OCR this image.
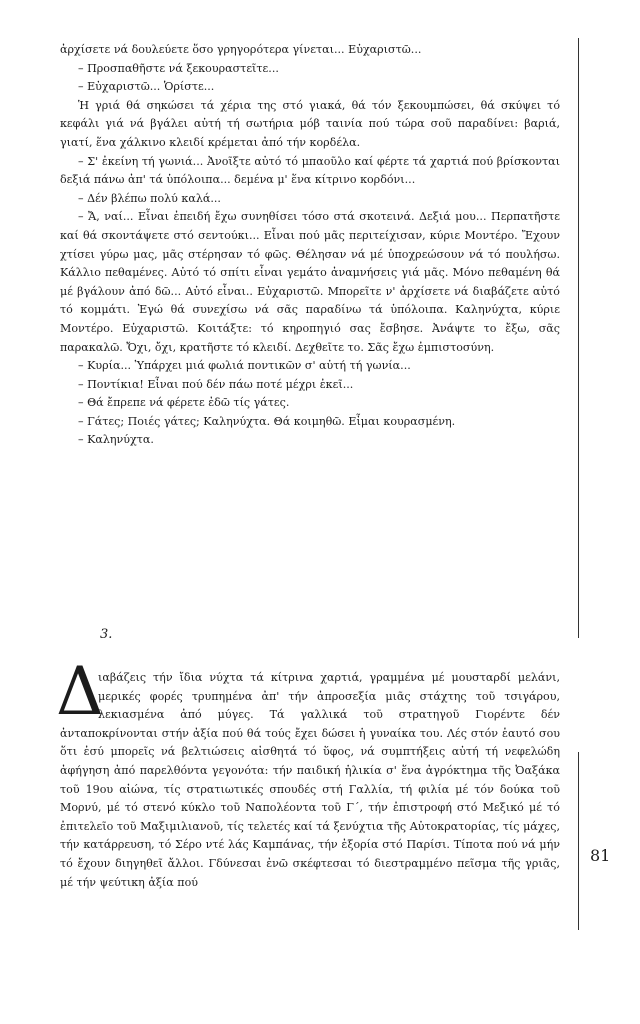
ἀρχίσετε νά δουλεύετε ὅσο γρηγορότερα γίνεται... Εὐχαριστῶ...

– Προσπαθῆστε νά ξεκουραστεῖτε...

– Εὐχαριστῶ... Ὁρίστε...

Ἡ γριά θά σηκώσει τά χέρια της στό γιακά, θά τόν ξεκουμπώσει, θά σκύψει τό κεφάλι γιά νά βγάλει αὐτή τή σωτήρια μόβ ταινία πού τώρα σοῦ παραδίνει: βαριά, γιατί, ἕνα χάλκινο κλειδί κρέμεται ἀπό τήν κορδέλα.

– Σ' ἐκείνη τή γωνιά... Ἀνοῖξτε αὐτό τό μπαοῦλο καί φέρτε τά χαρτιά πού βρίσκονται δεξιά πάνω ἀπ' τά ὑπόλοιπα... δεμένα μ' ἕνα κίτρινο κορδόνι...

– Δέν βλέπω πολύ καλά...

– Ἄ, ναί... Εἶναι ἐπειδή ἔχω συνηθίσει τόσο στά σκοτεινά. Δεξιά μου... Περπατῆστε καί θά σκοντάψετε στό σεντούκι... Εἶναι πού μᾶς περιτείχισαν, κύριε Μοντέρο. Ἔχουν χτίσει γύρω μας, μᾶς στέρησαν τό φῶς. Θέλησαν νά μέ ὑποχρεώσουν νά τό πουλήσω. Κάλλιο πεθαμένες. Αὐτό τό σπίτι εἶναι γεμάτο ἀναμνήσεις γιά μᾶς. Μόνο πεθαμένη θά μέ βγάλουν ἀπό δῶ... Αὐτό εἶναι.. Εὐχαριστῶ. Μπορεῖτε ν' ἀρχίσετε νά διαβάζετε αὐτό τό κομμάτι. Ἐγώ θά συνεχίσω νά σᾶς παραδίνω τά ὑπόλοιπα. Καληνύχτα, κύριε Μοντέρο. Εὐχαριστῶ. Κοιτάξτε: τό κηροπηγιό σας ἔσβησε. Ἀνάψτε το ἔξω, σᾶς παρακαλῶ. Ὄχι, ὄχι, κρατῆστε τό κλειδί. Δεχθεῖτε το. Σᾶς ἔχω ἐμπιστοσύνη.

– Κυρία... Ὑπάρχει μιά φωλιά ποντικῶν σ' αὐτή τή γωνία...

– Ποντίκια! Εἶναι πού δέν πάω ποτέ μέχρι ἐκεῖ...

– Θά ἔπρεπε νά φέρετε ἐδῶ τίς γάτες.

– Γάτες; Ποιές γάτες; Καληνύχτα. Θά κοιμηθῶ. Εἶμαι κουρασμένη.

– Καληνύχτα.

3.
Δ
ιαβάζεις τήν ἴδια νύχτα τά κίτρινα χαρτιά, γραμμένα μέ μουσταρδί μελάνι, μερικές φορές τρυπημένα ἀπ' τήν ἀπροσεξία μιᾶς στάχτης τοῦ τσιγάρου, λεκιασμένα ἀπό μύγες. Τά γαλλικά τοῦ στρατηγοῦ Γιορέντε δέν ἀνταποκρίνονται στήν ἀξία πού θά τούς ἔχει δώσει ἡ γυναίκα του. Λές στόν ἑαυτό σου ὅτι ἐσύ μπορεῖς νά βελτιώσεις αἰσθητά τό ὕφος, νά συμπτήξεις αὐτή τή νεφελώδη ἀφήγηση ἀπό παρελθόντα γεγονότα: τήν παιδική ἡλικία σ' ἕνα ἀγρόκτημα τῆς Ὀαξάκα τοῦ 19ου αἰώνα, τίς στρατιωτικές σπουδές στή Γαλλία, τή φιλία μέ τόν δούκα τοῦ Μορνύ, μέ τό στενό κύκλο τοῦ Ναπολέοντα τοῦ Γ΄, τήν ἐπιστροφή στό Μεξικό μέ τό ἐπιτελεῖο τοῦ Μαξιμιλιανοῦ, τίς τελετές καί τά ξενύχτια τῆς Αὐτοκρατορίας, τίς μάχες, τήν κατάρρευση, τό Σέρο ντέ λάς Καμπάνας, τήν ἐξορία στό Παρίσι. Τίποτα πού νά μήν τό ἔχουν διηγηθεῖ ἄλλοι. Γδύνεσαι ἐνῶ σκέφτεσαι τό διεστραμμένο πεῖσμα τῆς γριᾶς, μέ τήν ψεύτικη ἀξία πού
81
